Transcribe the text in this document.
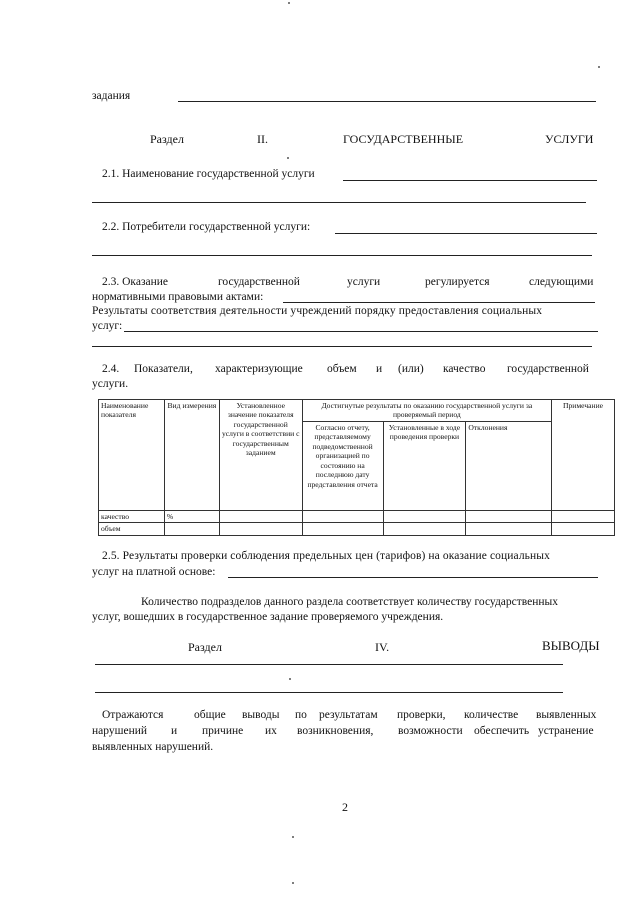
задания
Раздел	II.	ГОСУДАРСТВЕННЫЕ	УСЛУГИ
2.1. Наименование государственной услуги
2.2. Потребители государственной услуги:
2.3. Оказание	государственной	услуги	регулируется	следующими
нормативными правовыми актами:
Результаты соответствия деятельности учреждений порядку предоставления социальных
услуг:
2.4. Показатели, характеризующие объем и (или) качество государственной
услуги.
Наименование показателя	Вид измерения	Установленное значение показателя государственной услуги в соответствии с государственным заданием	Достигнутые результаты по оказанию государственной услуги за проверяемый период			Примечание
			Согласно отчету, представляемому подведомственной организацией по состоянию на последнюю дату представления отчета	Установленные в ходе проведения проверки	Отклонения	
качество	%					
объем						
2.5. Результаты проверки соблюдения предельных цен (тарифов) на оказание социальных
услуг на платной основе:
Количество подразделов данного раздела соответствует количеству государственных
услуг, вошедших в государственное задание проверяемого учреждения.
Раздел	IV.	ВЫВОДЫ
Отражаются	общие выводы по результатам проверки, количестве выявленных
нарушений и причине их возникновения, возможности обеспечить устранение
выявленных нарушений.
2
